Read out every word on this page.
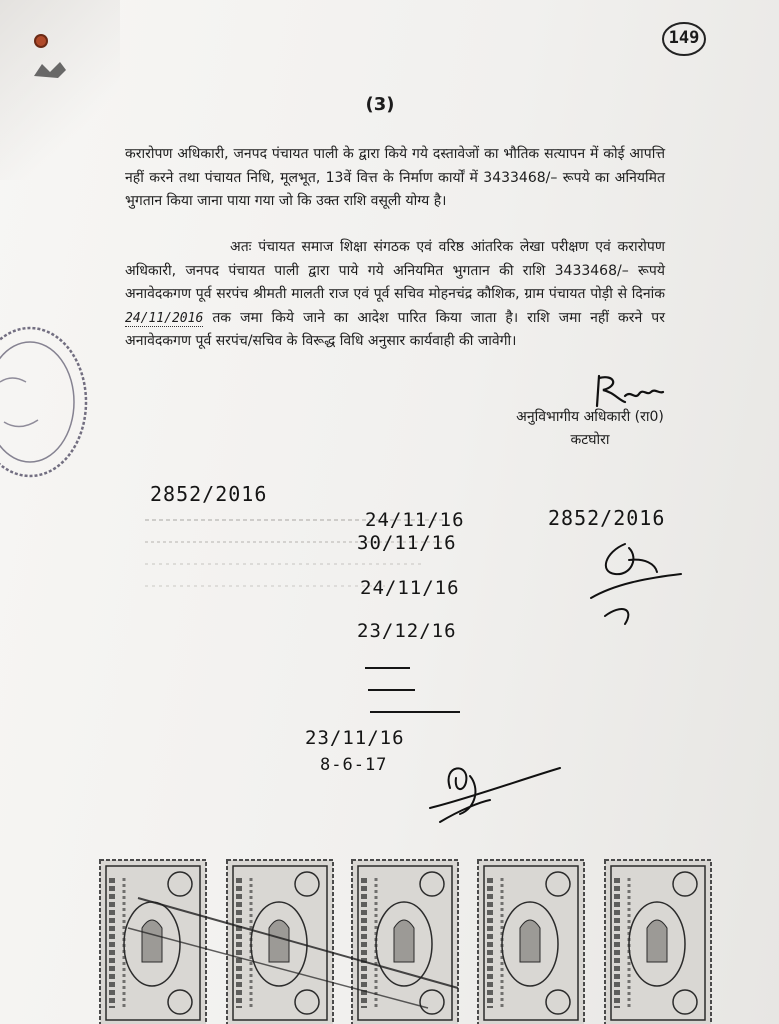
149
(3)

करारोपण अधिकारी, जनपद पंचायत पाली के द्वारा किये गये दस्तावेजों का भौतिक सत्यापन में कोई आपत्ति नहीं करने तथा पंचायत निधि, मूलभूत, 13वें वित्त के निर्माण कार्यों में 3433468/– रूपये का अनियमित भुगतान किया जाना पाया गया जो कि उक्त राशि वसूली योग्य है।

अतः पंचायत समाज शिक्षा संगठक एवं वरिष्ठ आंतरिक लेखा परीक्षण एवं करारोपण अधिकारी, जनपद पंचायत पाली द्वारा पाये गये अनियमित भुगतान की राशि 3433468/– रूपये अनावेदकगण पूर्व सरपंच श्रीमती मालती राज एवं पूर्व सचिव मोहनचंद्र कौशिक, ग्राम पंचायत पोड़ी से दिनांक 24/11/2016 तक जमा किये जाने का आदेश पारित किया जाता है। राशि जमा नहीं करने पर अनावेदकगण पूर्व सरपंच/सचिव के विरूद्ध विधि अनुसार कार्यवाही की जावेगी।

अनुविभागीय अधिकारी (रा0)
कटघोरा
2852/2016
2852/2016
24/11/16
30/11/16
24/11/16
23/12/16
23/11/16
8-6-17
